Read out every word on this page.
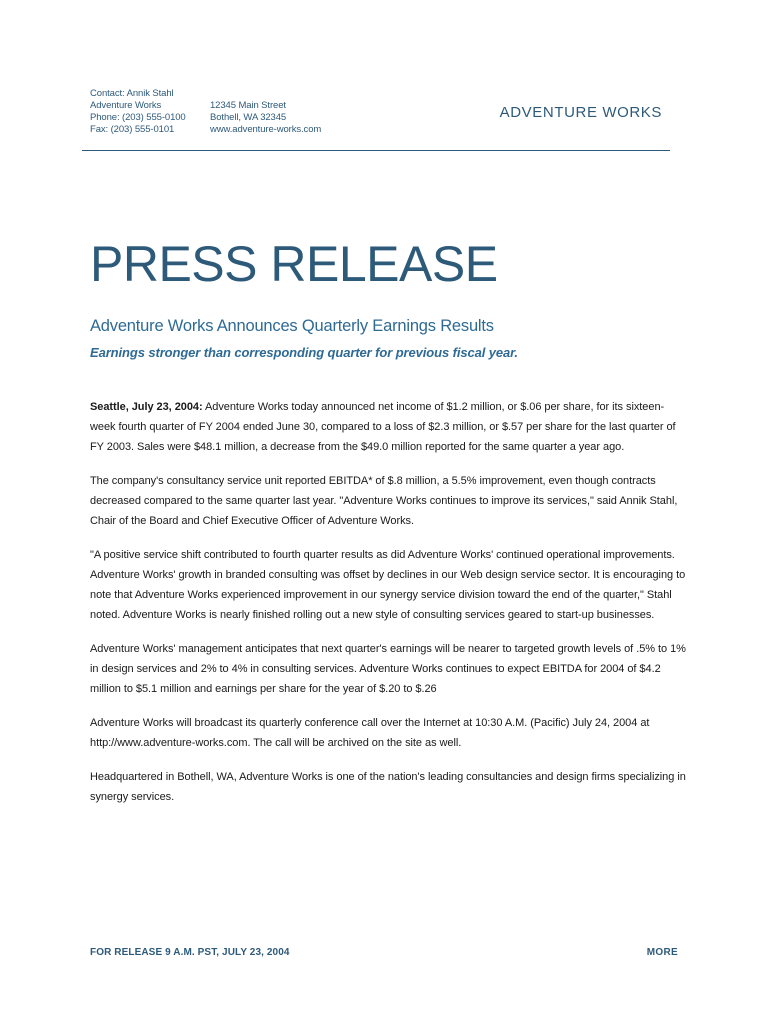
Contact: Annik Stahl
Adventure Works
Phone: (203) 555-0100
Fax: (203) 555-0101
12345 Main Street
Bothell, WA 32345
www.adventure-works.com
ADVENTURE WORKS
PRESS RELEASE
Adventure Works Announces Quarterly Earnings Results
Earnings stronger than corresponding quarter for previous fiscal year.

Seattle, July 23, 2004: Adventure Works today announced net income of $1.2 million, or $.06 per share, for its sixteen-week fourth quarter of FY 2004 ended June 30, compared to a loss of $2.3 million, or $.57 per share for the last quarter of FY 2003. Sales were $48.1 million, a decrease from the $49.0 million reported for the same quarter a year ago.

The company's consultancy service unit reported EBITDA* of $.8 million, a 5.5% improvement, even though contracts decreased compared to the same quarter last year. "Adventure Works continues to improve its services," said Annik Stahl, Chair of the Board and Chief Executive Officer of Adventure Works.

"A positive service shift contributed to fourth quarter results as did Adventure Works' continued operational improvements. Adventure Works' growth in branded consulting was offset by declines in our Web design service sector. It is encouraging to note that Adventure Works experienced improvement in our synergy service division toward the end of the quarter," Stahl noted. Adventure Works is nearly finished rolling out a new style of consulting services geared to start-up businesses.

Adventure Works' management anticipates that next quarter's earnings will be nearer to targeted growth levels of .5% to 1% in design services and 2% to 4% in consulting services. Adventure Works continues to expect EBITDA for 2004 of $4.2 million to $5.1 million and earnings per share for the year of $.20 to $.26

Adventure Works will broadcast its quarterly conference call over the Internet at 10:30 A.M. (Pacific) July 24, 2004 at http://www.adventure-works.com. The call will be archived on the site as well.

Headquartered in Bothell, WA, Adventure Works is one of the nation's leading consultancies and design firms specializing in synergy services.

FOR RELEASE 9 A.M. PST, JULY 23, 2004	MORE
